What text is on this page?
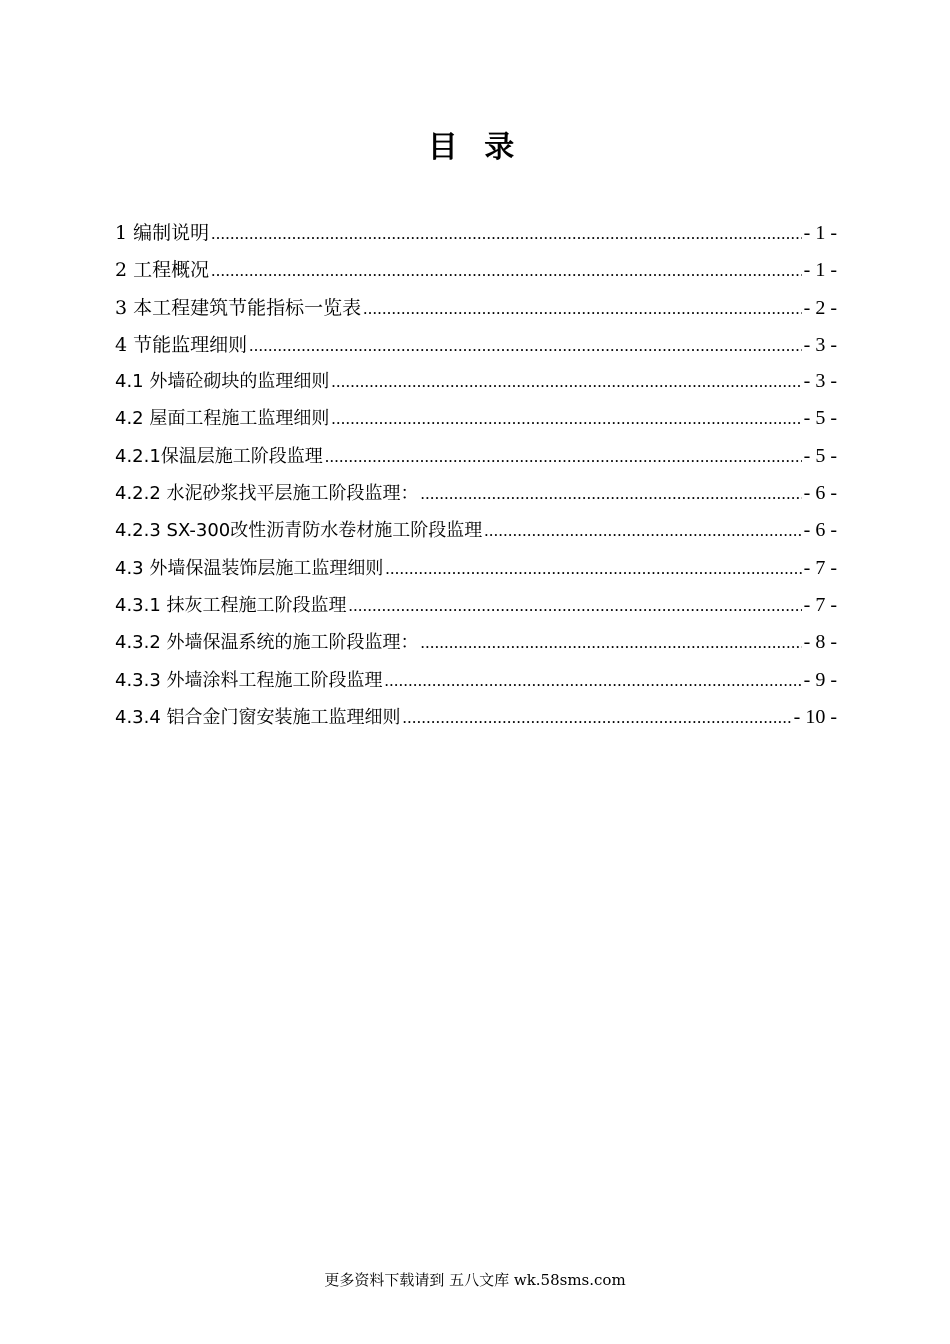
目 录
1 编制说明 .....	- 1 -
2 工程概况 .....	- 1 -
3 本工程建筑节能指标一览表 .....	- 2 -
4 节能监理细则 .....	- 3 -
4.1 外墙砼砌块的监理细则 .....	- 3 -
4.2 屋面工程施工监理细则 .....	- 5 -
4.2.1保温层施工阶段监理 .....	- 5 -
4.2.2 水泥砂浆找平层施工阶段监理： .....	- 6 -
4.2.3 SX-300改性沥青防水卷材施工阶段监理 .....	- 6 -
4.3 外墙保温装饰层施工监理细则 .....	- 7 -
4.3.1 抹灰工程施工阶段监理 .....	- 7 -
4.3.2 外墙保温系统的施工阶段监理： .....	- 8 -
4.3.3 外墙涂料工程施工阶段监理 .....	- 9 -
4.3.4 铝合金门窗安装施工监理细则 .....	- 10 -
更多资料下载请到 五八文库 wk.58sms.com
